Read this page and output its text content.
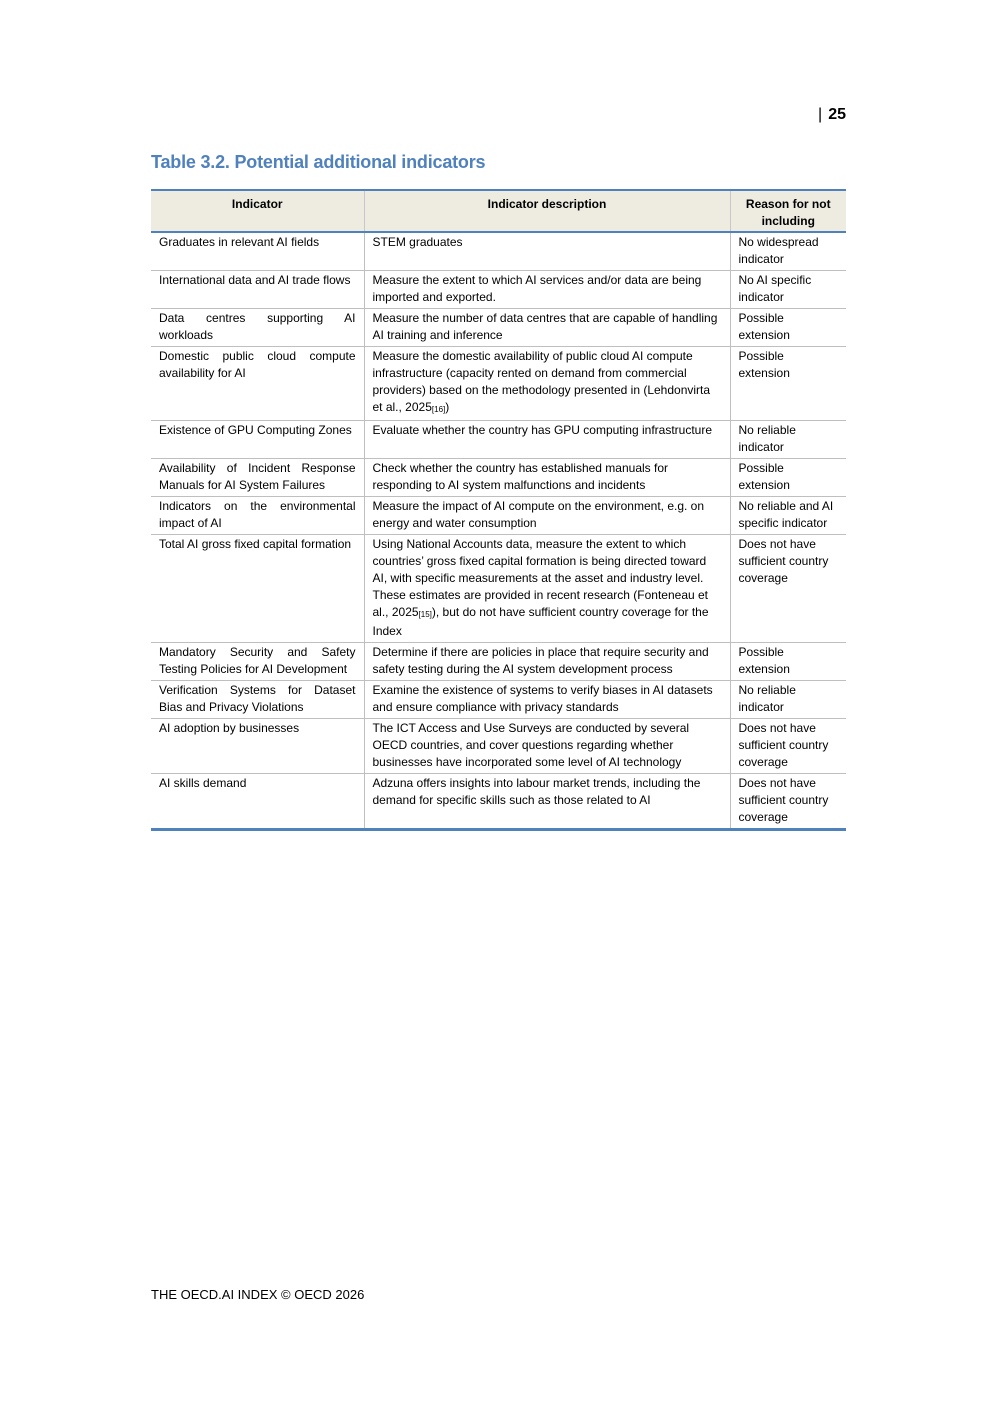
| 25
Table 3.2. Potential additional indicators
Indicator	Indicator description	Reason for not including
Graduates in relevant AI fields	STEM graduates	No widespread indicator
International data and AI trade flows	Measure the extent to which AI services and/or data are being imported and exported.	No AI specific indicator
Data centres supporting AI workloads	Measure the number of data centres that are capable of handling AI training and inference	Possible extension
Domestic public cloud compute availability for AI	Measure the domestic availability of public cloud AI compute infrastructure (capacity rented on demand from commercial providers) based on the methodology presented in (Lehdonvirta et al., $2025_{[16]}$)	Possible extension
Existence of GPU Computing Zones	Evaluate whether the country has GPU computing infrastructure	No reliable indicator
Availability of Incident Response Manuals for AI System Failures	Check whether the country has established manuals for responding to AI system malfunctions and incidents	Possible extension
Indicators on the environmental impact of AI	Measure the impact of AI compute on the environment, e.g. on energy and water consumption	No reliable and AI specific indicator
Total AI gross fixed capital formation	Using National Accounts data, measure the extent to which countries’ gross fixed capital formation is being directed toward AI, with specific measurements at the asset and industry level. These estimates are provided in recent research (Fonteneau et al., $2025_{[15]}$), but do not have sufficient country coverage for the Index	Does not have sufficient country coverage
Mandatory Security and Safety Testing Policies for AI Development	Determine if there are policies in place that require security and safety testing during the AI system development process	Possible extension
Verification Systems for Dataset Bias and Privacy Violations	Examine the existence of systems to verify biases in AI datasets and ensure compliance with privacy standards	No reliable indicator
AI adoption by businesses	The ICT Access and Use Surveys are conducted by several OECD countries, and cover questions regarding whether businesses have incorporated some level of AI technology	Does not have sufficient country coverage
AI skills demand	Adzuna offers insights into labour market trends, including the demand for specific skills such as those related to AI	Does not have sufficient country coverage
THE OECD.AI INDEX © OECD 2026
